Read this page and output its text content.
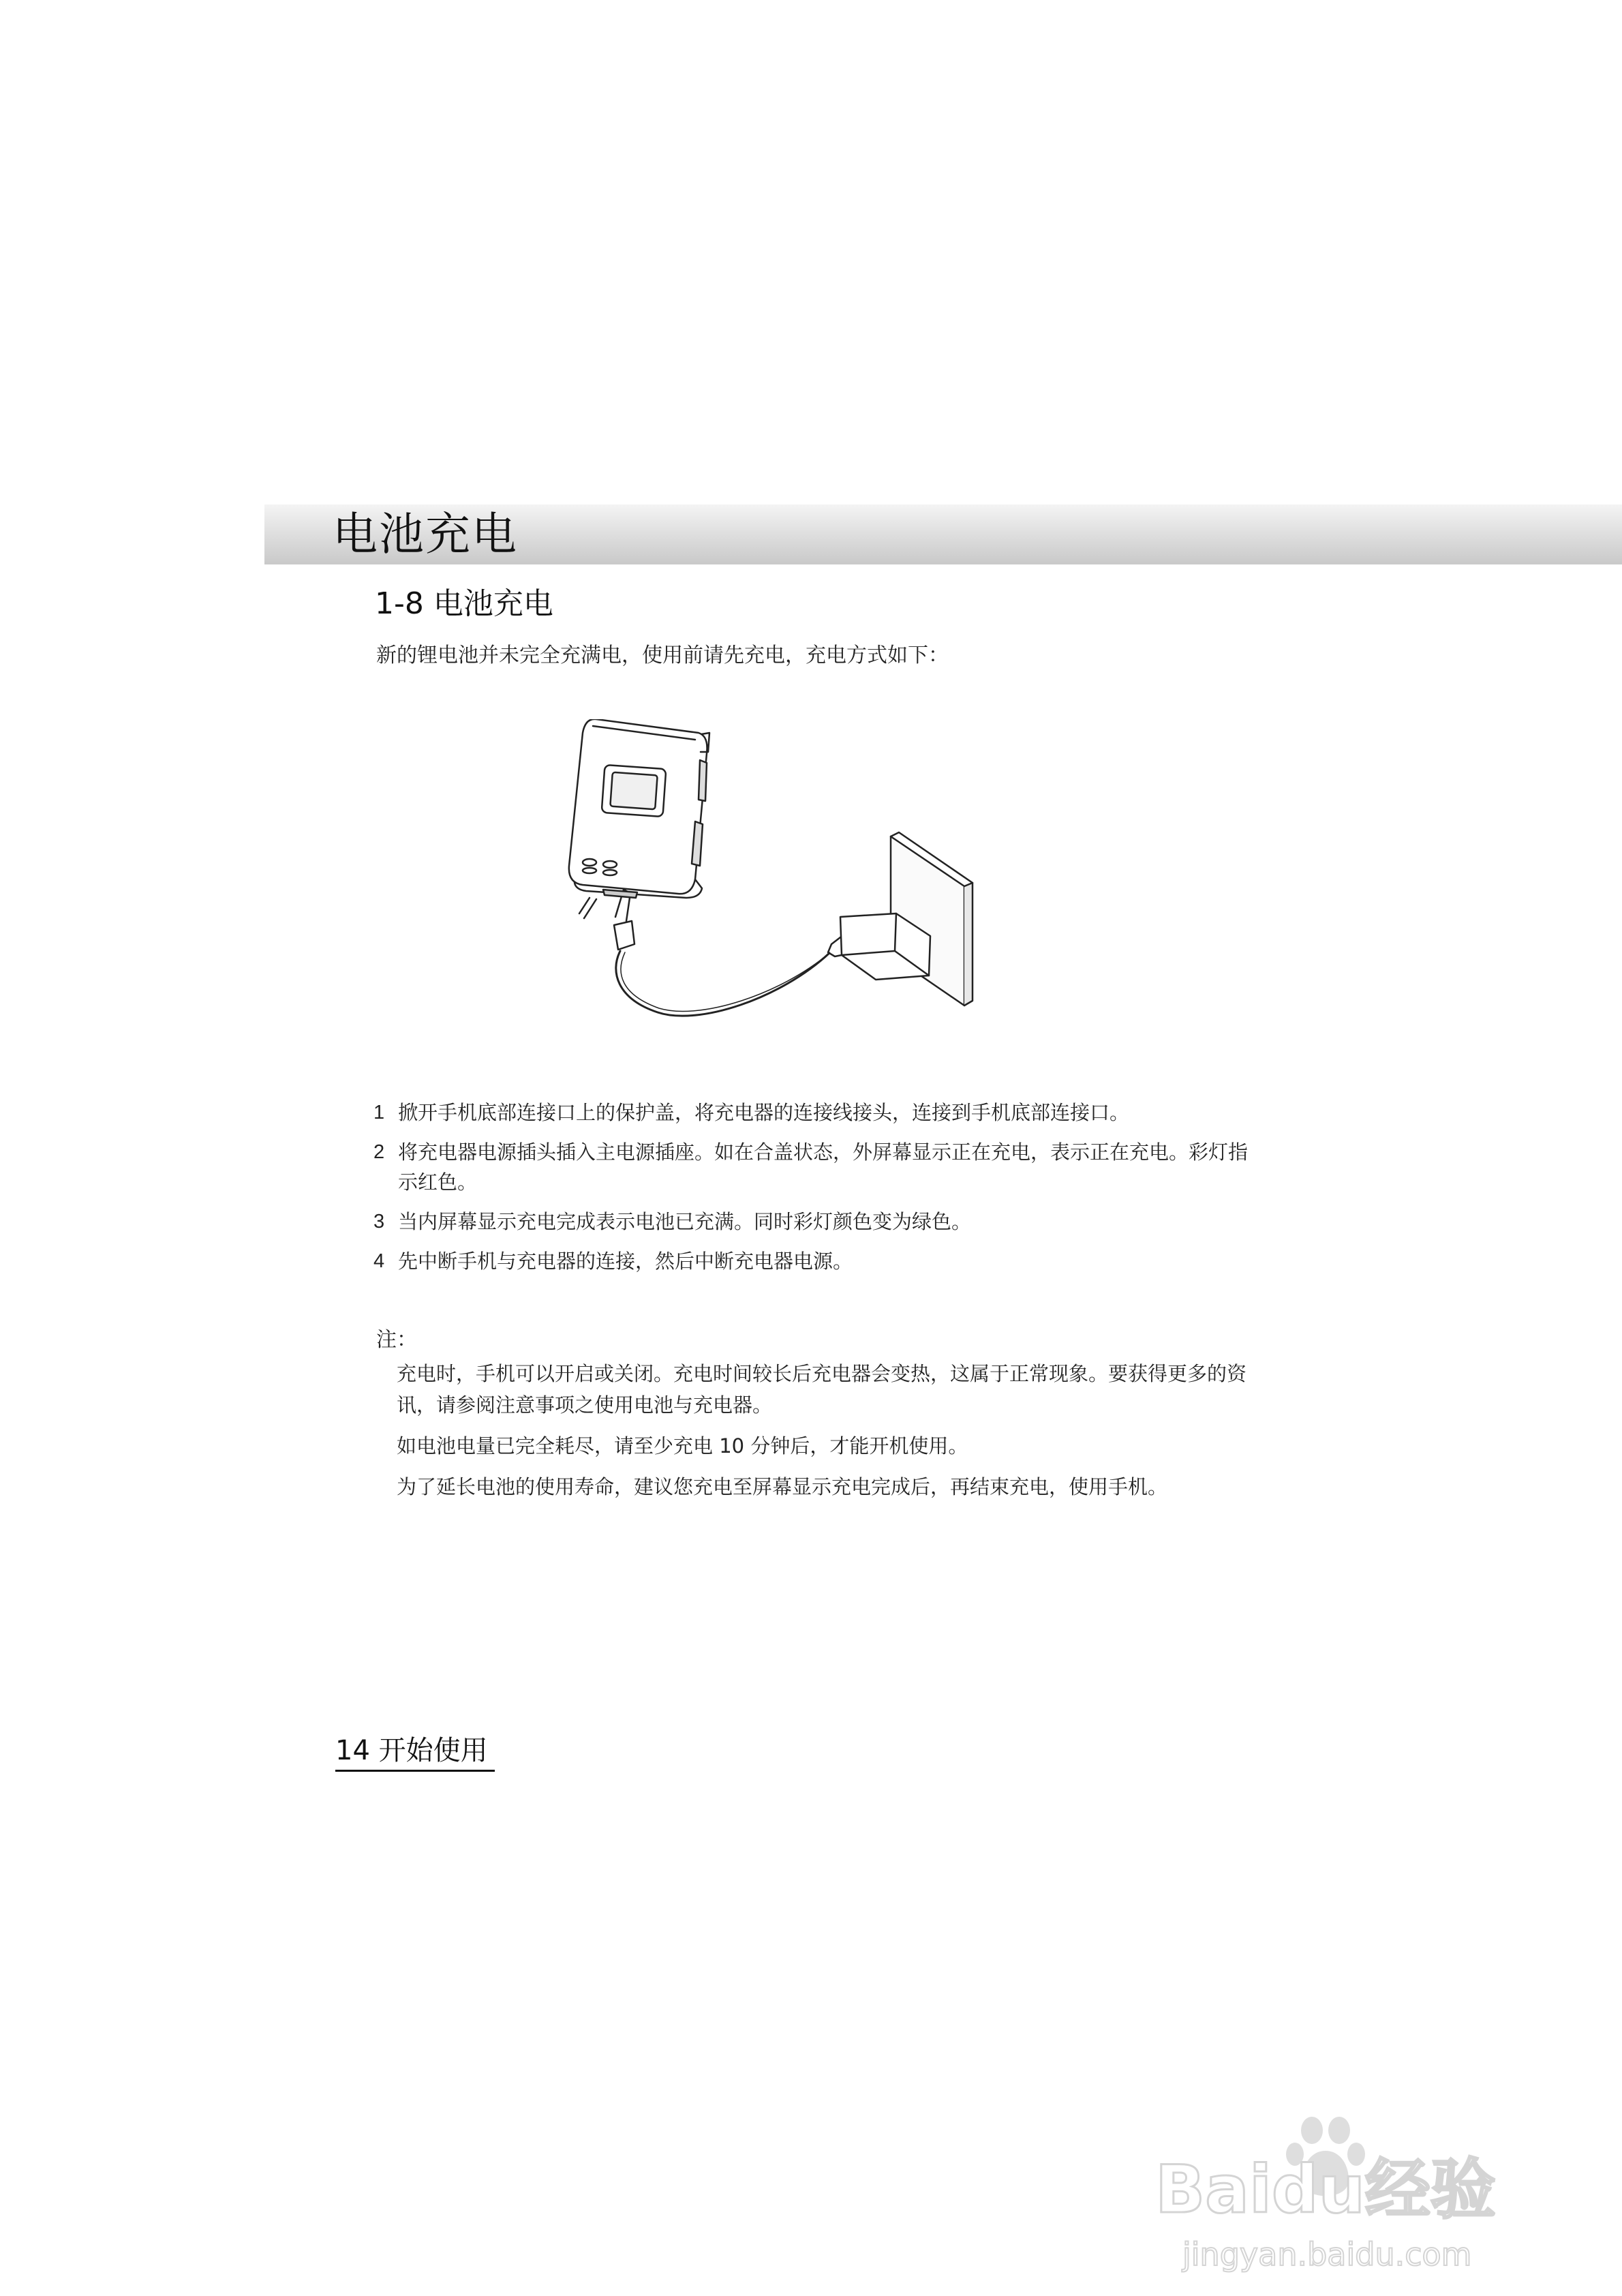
电池充电
1-8 电池充电
新的锂电池并未完全充满电，使用前请先充电，充电方式如下：
1 掀开手机底部连接口上的保护盖，将充电器的连接线接头，连接到手机底部连接口。
2 将充电器电源插头插入主电源插座。如在合盖状态，外屏幕显示正在充电，表示正在充电。彩灯指示红色。
3 当内屏幕显示充电完成表示电池已充满。同时彩灯颜色变为绿色。
4 先中断手机与充电器的连接，然后中断充电器电源。
注：
充电时，手机可以开启或关闭。充电时间较长后充电器会变热，这属于正常现象。要获得更多的资讯，请参阅注意事项之使用电池与充电器。
如电池电量已完全耗尽，请至少充电 10 分钟后，才能开机使用。
为了延长电池的使用寿命，建议您充电至屏幕显示充电完成后，再结束充电，使用手机。
14 开始使用
Baidu经验
jingyan.baidu.com
